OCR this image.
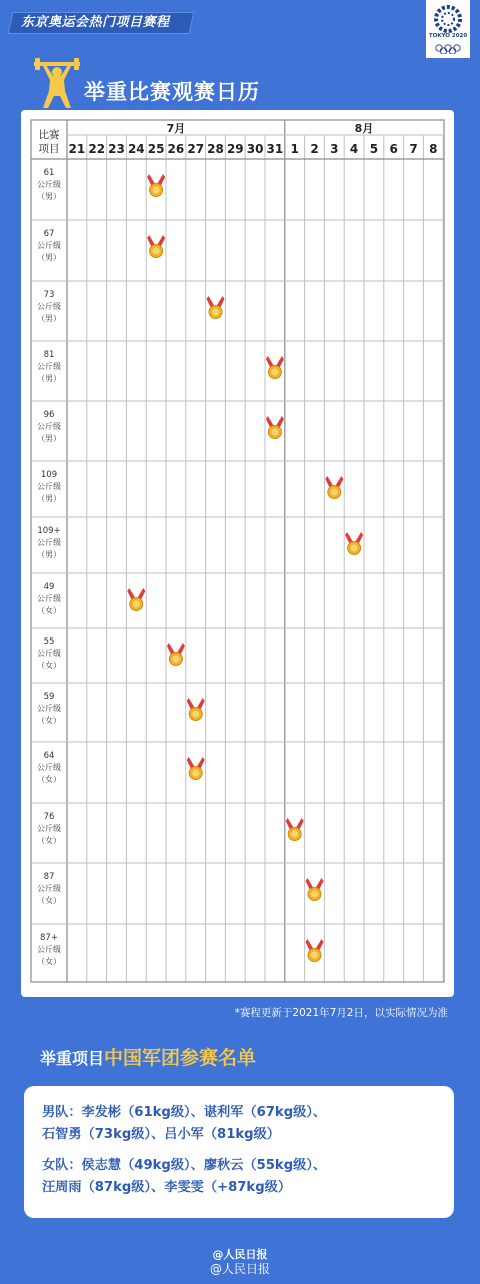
东京奥运会热门项目赛程
TOKYO 2020
举重比赛观赛日历
7月	8月
21 22 23 24 25 26 27 28 29 30 31 1 2 3 4 5 6 7 8
比赛
项目
61
公斤级
（男）
67
公斤级
（男）
73
公斤级
（男）
81
公斤级
（男）
96
公斤级
（男）
109
公斤级
（男）
109+
公斤级
（男）
49
公斤级
（女）
55
公斤级
（女）
59
公斤级
（女）
64
公斤级
（女）
76
公斤级
（女）
87
公斤级
（女）
87+
公斤级
（女）
*赛程更新于2021年7月2日，以实际情况为准
举重项目中国军团参赛名单
男队：李发彬（61kg级）、谌利军（67kg级）、
石智勇（73kg级）、吕小军（81kg级）
女队：侯志慧（49kg级）、廖秋云（55kg级）、
汪周雨（87kg级）、李雯雯（+87kg级）
@人民日报
@人民日报
